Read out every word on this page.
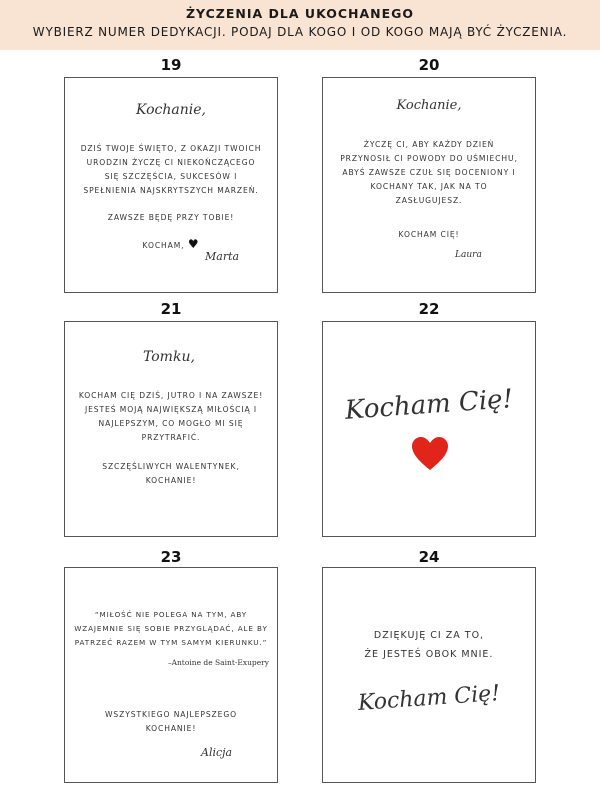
ŻYCZENIA DLA UKOCHANEGO
WYBIERZ NUMER DEDYKACJI. PODAJ DLA KOGO I OD KOGO MAJĄ BYĆ ŻYCZENIA.
19
Kochanie,
DZIŚ TWOJE ŚWIĘTO, Z OKAZJI TWOICH
URODZIN ŻYCZĘ CI NIEKOŃCZĄCEGO
SIĘ SZCZĘŚCIA, SUKCESÓW I
SPEŁNIENIA NAJSKRYTSZYCH MARZEŃ.
ZAWSZE BĘDĘ PRZY TOBIE!
KOCHAM, ♥
Marta
20
Kochanie,
ŻYCZĘ CI, ABY KAŻDY DZIEŃ
PRZYNOSIŁ CI POWODY DO UŚMIECHU,
ABYŚ ZAWSZE CZUŁ SIĘ DOCENIONY I
KOCHANY TAK, JAK NA TO
ZASŁUGUJESZ.
KOCHAM CIĘ!
Laura
21
Tomku,
KOCHAM CIĘ DZIŚ, JUTRO I NA ZAWSZE!
JESTEŚ MOJĄ NAJWIĘKSZĄ MIŁOŚCIĄ I
NAJLEPSZYM, CO MOGŁO MI SIĘ
PRZYTRAFIĆ.
SZCZĘŚLIWYCH WALENTYNEK,
KOCHANIE!
22
Kocham Cię!
23
“MIŁOŚĆ NIE POLEGA NA TYM, ABY
WZAJEMNIE SIĘ SOBIE PRZYGLĄDAĆ, ALE BY
PATRZEĆ RAZEM W TYM SAMYM KIERUNKU.”
–Antoine de Saint-Exupery
WSZYSTKIEGO NAJLEPSZEGO
KOCHANIE!
Alicja
24
DZIĘKUJĘ CI ZA TO,
ŻE JESTEŚ OBOK MNIE.
Kocham Cię!
